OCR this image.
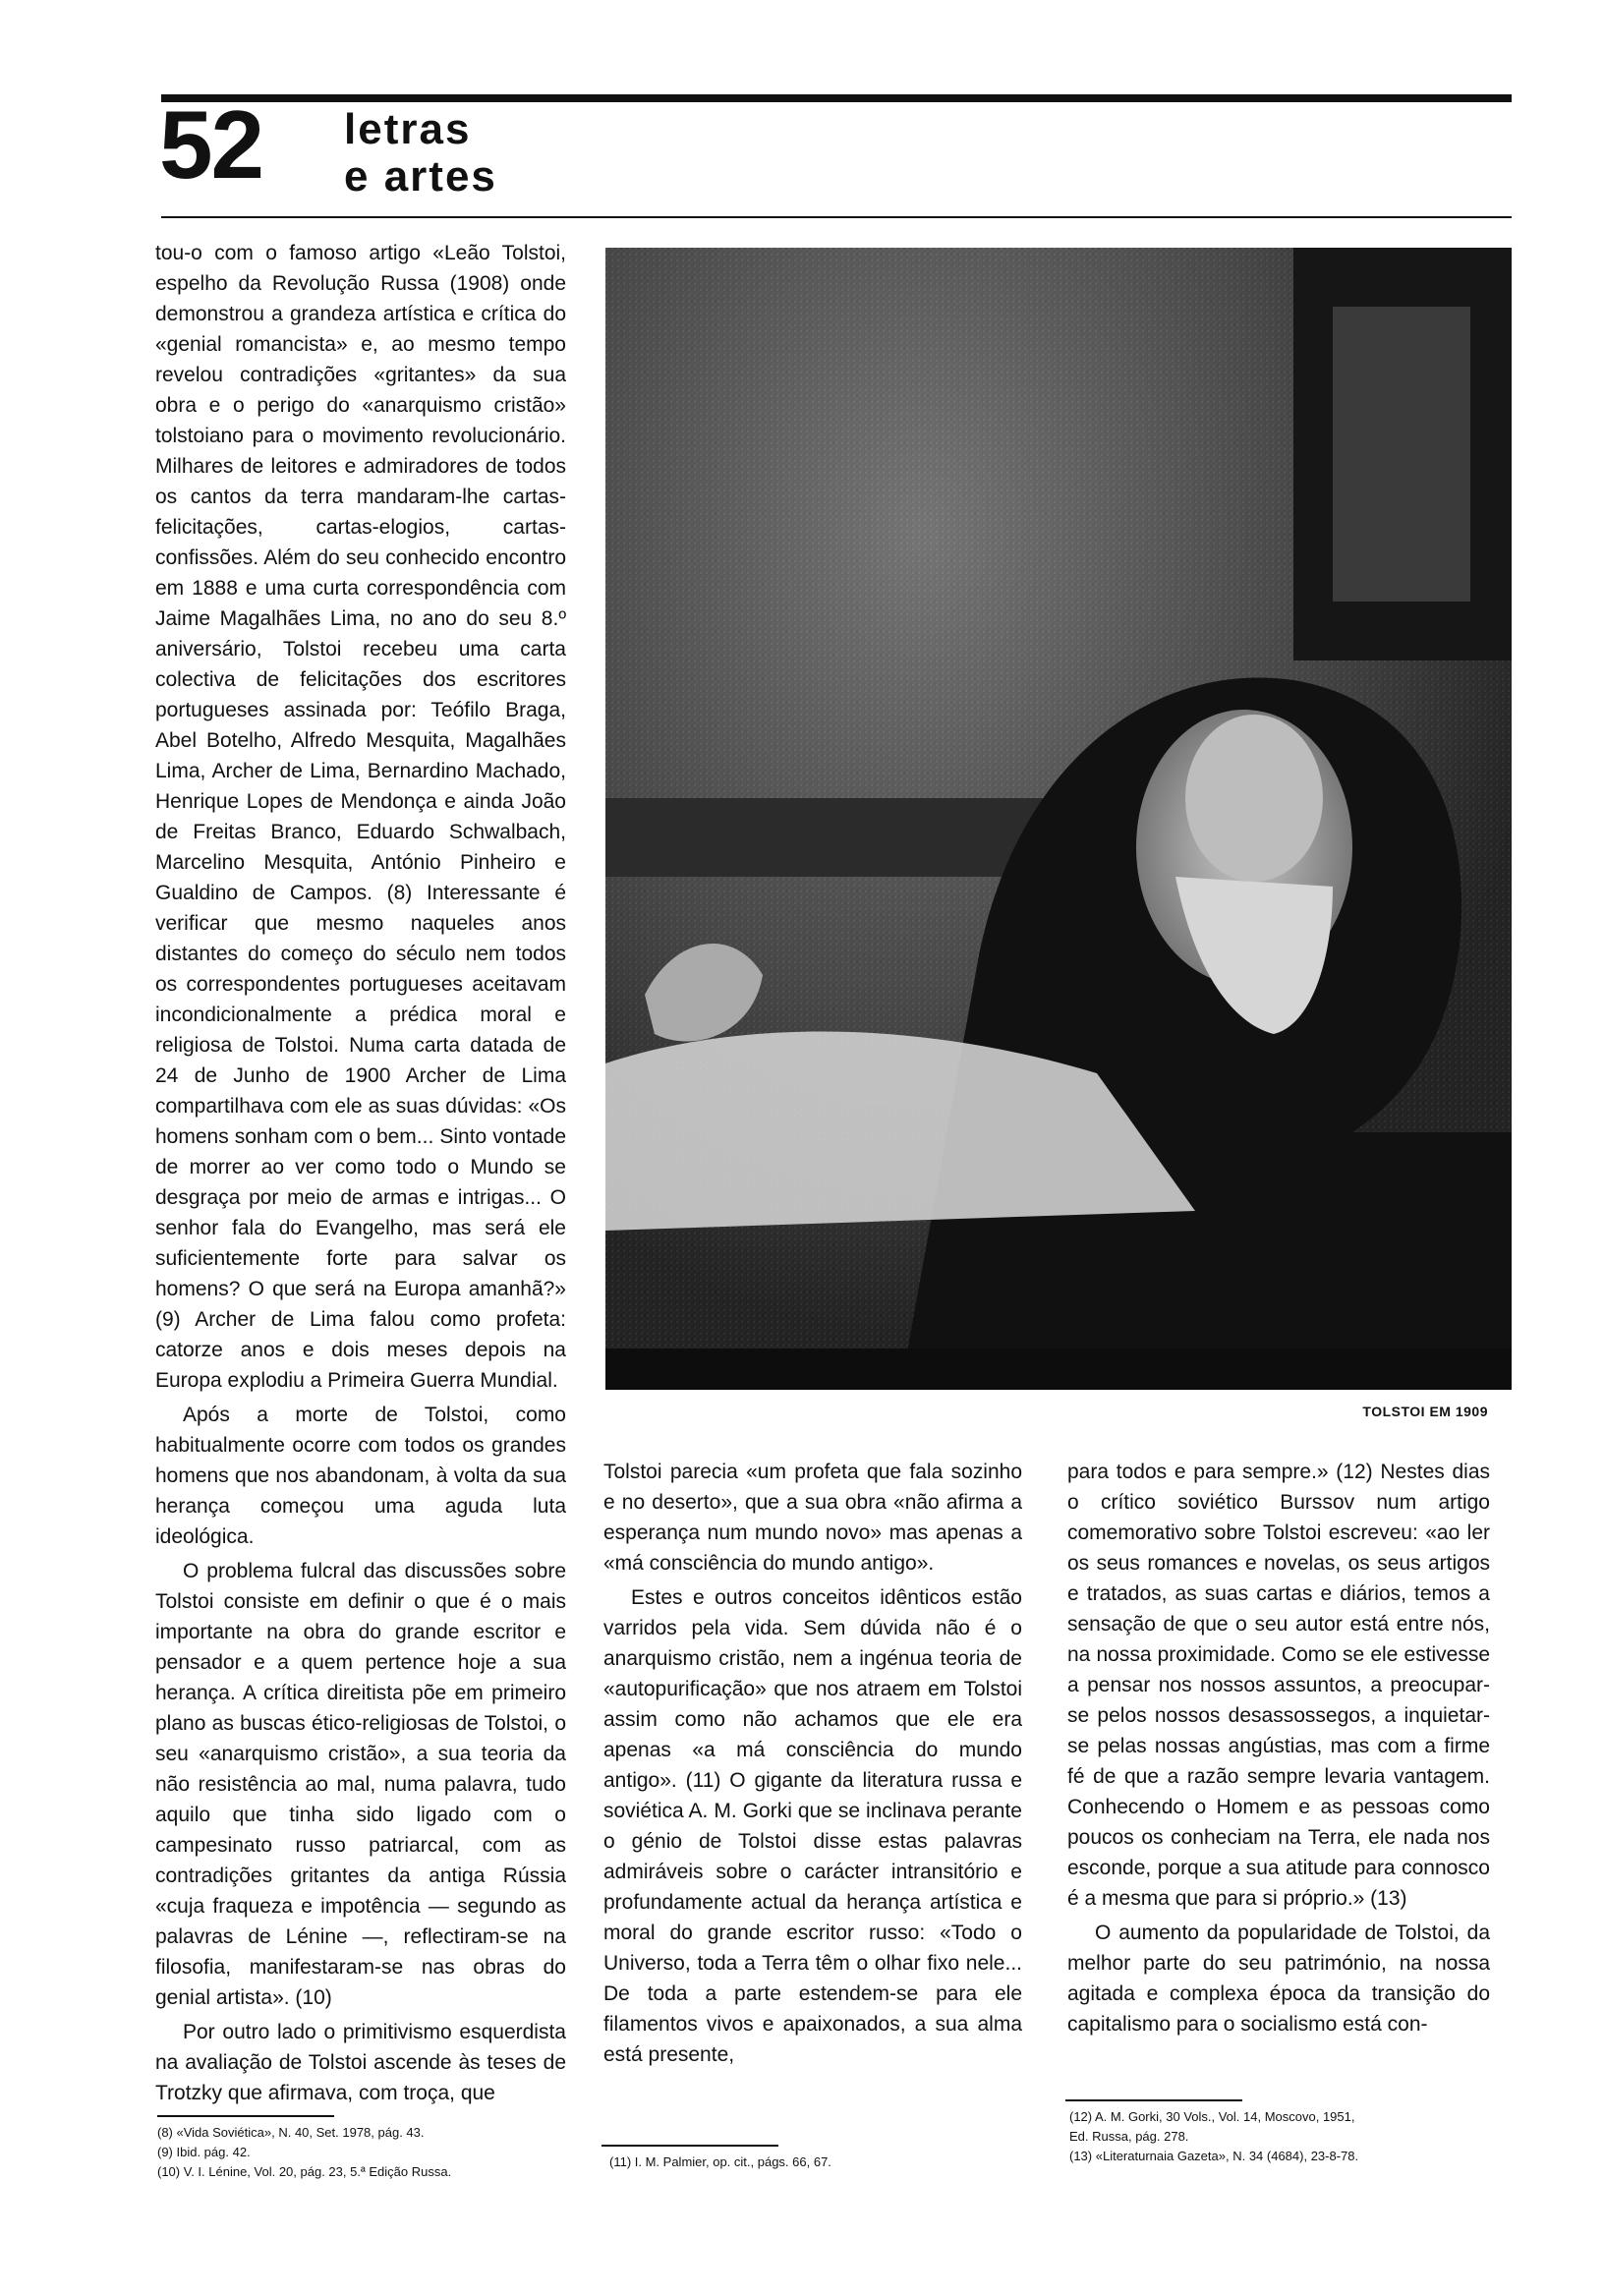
52 letras
e artes

tou-o com o famoso artigo «Leão Tolstoi, espelho da Revolução Russa (1908) onde demonstrou a grandeza artística e crítica do «genial romancista» e, ao mesmo tempo revelou contradições «gritantes» da sua obra e o perigo do «anarquismo cristão» tolstoiano para o movimento revolucionário. Milhares de leitores e admiradores de todos os cantos da terra mandaram-lhe cartas-felicitações, cartas-elogios, cartas-confissões. Além do seu conhecido encontro em 1888 e uma curta correspondência com Jaime Magalhães Lima, no ano do seu 8.º aniversário, Tolstoi recebeu uma carta colectiva de felicitações dos escritores portugueses assinada por: Teófilo Braga, Abel Botelho, Alfredo Mesquita, Magalhães Lima, Archer de Lima, Bernardino Machado, Henrique Lopes de Mendonça e ainda João de Freitas Branco, Eduardo Schwalbach, Marcelino Mesquita, António Pinheiro e Gualdino de Campos. (8) Interessante é verificar que mesmo naqueles anos distantes do começo do século nem todos os correspondentes portugueses aceitavam incondicionalmente a prédica moral e religiosa de Tolstoi. Numa carta datada de 24 de Junho de 1900 Archer de Lima compartilhava com ele as suas dúvidas: «Os homens sonham com o bem... Sinto vontade de morrer ao ver como todo o Mundo se desgraça por meio de armas e intrigas... O senhor fala do Evangelho, mas será ele suficientemente forte para salvar os homens? O que será na Europa amanhã?» (9) Archer de Lima falou como profeta: catorze anos e dois meses depois na Europa explodiu a Primeira Guerra Mundial.

Após a morte de Tolstoi, como habitualmente ocorre com todos os grandes homens que nos abandonam, à volta da sua herança começou uma aguda luta ideológica.

O problema fulcral das discussões sobre Tolstoi consiste em definir o que é o mais importante na obra do grande escritor e pensador e a quem pertence hoje a sua herança. A crítica direitista põe em primeiro plano as buscas ético-religiosas de Tolstoi, o seu «anarquismo cristão», a sua teoria da não resistência ao mal, numa palavra, tudo aquilo que tinha sido ligado com o campesinato russo patriarcal, com as contradições gritantes da antiga Rússia «cuja fraqueza e impotência — segundo as palavras de Lénine —, reflectiram-se na filosofia, manifestaram-se nas obras do genial artista». (10)

Por outro lado o primitivismo esquerdista na avaliação de Tolstoi ascende às teses de Trotzky que afirmava, com troça, que

TOLSTOI EM 1909

Tolstoi parecia «um profeta que fala sozinho e no deserto», que a sua obra «não afirma a esperança num mundo novo» mas apenas a «má consciência do mundo antigo».

Estes e outros conceitos idênticos estão varridos pela vida. Sem dúvida não é o anarquismo cristão, nem a ingénua teoria de «autopurificação» que nos atraem em Tolstoi assim como não achamos que ele era apenas «a má consciência do mundo antigo». (11) O gigante da literatura russa e soviética A. M. Gorki que se inclinava perante o génio de Tolstoi disse estas palavras admiráveis sobre o carácter intransitório e profundamente actual da herança artística e moral do grande escritor russo: «Todo o Universo, toda a Terra têm o olhar fixo nele... De toda a parte estendem-se para ele filamentos vivos e apaixonados, a sua alma está presente,

para todos e para sempre.» (12) Nestes dias o crítico soviético Burssov num artigo comemorativo sobre Tolstoi escreveu: «ao ler os seus romances e novelas, os seus artigos e tratados, as suas cartas e diários, temos a sensação de que o seu autor está entre nós, na nossa proximidade. Como se ele estivesse a pensar nos nossos assuntos, a preocupar-se pelos nossos desassossegos, a inquietar-se pelas nossas angústias, mas com a firme fé de que a razão sempre levaria vantagem. Conhecendo o Homem e as pessoas como poucos os conheciam na Terra, ele nada nos esconde, porque a sua atitude para connosco é a mesma que para si próprio.» (13)

O aumento da popularidade de Tolstoi, da melhor parte do seu património, na nossa agitada e complexa época da transição do capitalismo para o socialismo está con-

(8) «Vida Soviética», N. 40, Set. 1978, pág. 43.
(9) Ibid. pág. 42.
(10) V. I. Lénine, Vol. 20, pág. 23, 5.ª Edição Russa.
(11) I. M. Palmier, op. cit., págs. 66, 67.
(12) A. M. Gorki, 30 Vols., Vol. 14, Moscovo, 1951,
Ed. Russa, pág. 278.
(13) «Literaturnaia Gazeta», N. 34 (4684), 23-8-78.
